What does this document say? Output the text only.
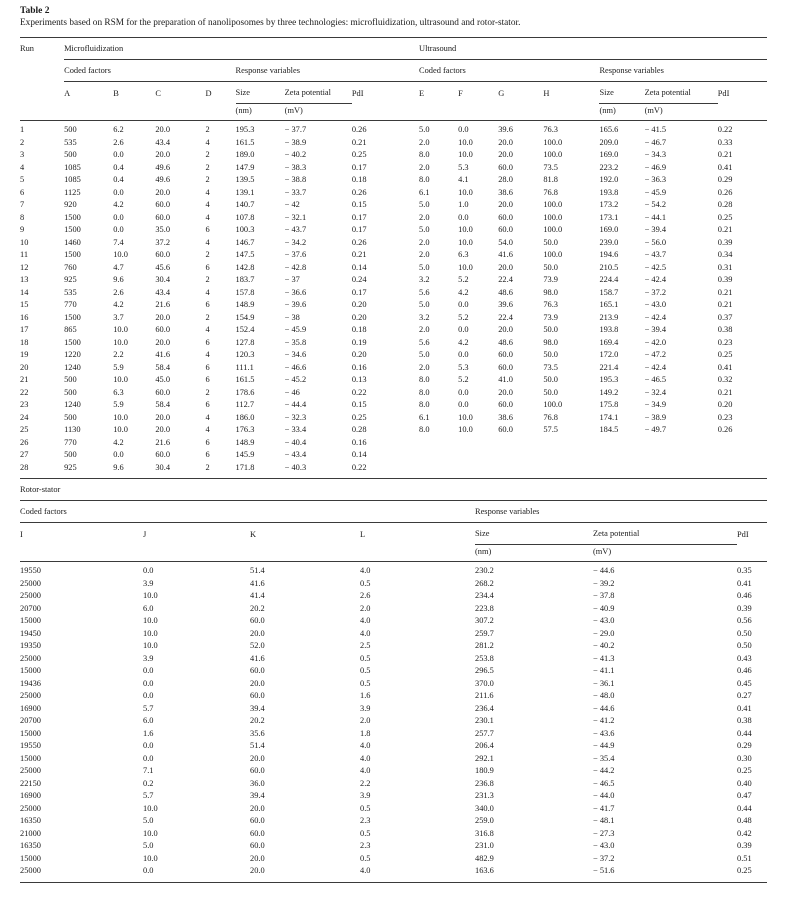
Table 2
Experiments based on RSM for the preparation of nanoliposomes by three technologies: microfluidization, ultrasound and rotor-stator.
Run	Microfluidization							Ultrasound						
	Coded factors				Response variables			Coded factors				Response variables		
	A	B	C	D	Size	Zeta potential	PdI	E	F	G	H	Size	Zeta potential	PdI
					(nm)	(mV)						(nm)	(mV)	
1	500	6.2	20.0	2	195.3	− 37.7	0.26	5.0	0.0	39.6	76.3	165.6	− 41.5	0.22
2	535	2.6	43.4	4	161.5	− 38.9	0.21	2.0	10.0	20.0	100.0	209.0	− 46.7	0.33
3	500	0.0	20.0	2	189.0	− 40.2	0.25	8.0	10.0	20.0	100.0	169.0	− 34.3	0.21
4	1085	0.4	49.6	2	147.9	− 38.3	0.17	2.0	5.3	60.0	73.5	223.2	− 46.9	0.41
5	1085	0.4	49.6	2	139.5	− 38.8	0.18	8.0	4.1	28.0	81.8	192.0	− 36.3	0.29
6	1125	0.0	20.0	4	139.1	− 33.7	0.26	6.1	10.0	38.6	76.8	193.8	− 45.9	0.26
7	920	4.2	60.0	4	140.7	− 42	0.15	5.0	1.0	20.0	100.0	173.2	− 54.2	0.28
8	1500	0.0	60.0	4	107.8	− 32.1	0.17	2.0	0.0	60.0	100.0	173.1	− 44.1	0.25
9	1500	0.0	35.0	6	100.3	− 43.7	0.17	5.0	10.0	60.0	100.0	169.0	− 39.4	0.21
10	1460	7.4	37.2	4	146.7	− 34.2	0.26	2.0	10.0	54.0	50.0	239.0	− 56.0	0.39
11	1500	10.0	60.0	2	147.5	− 37.6	0.21	2.0	6.3	41.6	100.0	194.6	− 43.7	0.34
12	760	4.7	45.6	6	142.8	− 42.8	0.14	5.0	10.0	20.0	50.0	210.5	− 42.5	0.31
13	925	9.6	30.4	2	183.7	− 37	0.24	3.2	5.2	22.4	73.9	224.4	− 42.4	0.39
14	535	2.6	43.4	4	157.8	− 36.6	0.17	5.6	4.2	48.6	98.0	158.7	− 37.2	0.21
15	770	4.2	21.6	6	148.9	− 39.6	0.20	5.0	0.0	39.6	76.3	165.1	− 43.0	0.21
16	1500	3.7	20.0	2	154.9	− 38	0.20	3.2	5.2	22.4	73.9	213.9	− 42.4	0.37
17	865	10.0	60.0	4	152.4	− 45.9	0.18	2.0	0.0	20.0	50.0	193.8	− 39.4	0.38
18	1500	10.0	20.0	6	127.8	− 35.8	0.19	5.6	4.2	48.6	98.0	169.4	− 42.0	0.23
19	1220	2.2	41.6	4	120.3	− 34.6	0.20	5.0	0.0	60.0	50.0	172.0	− 47.2	0.25
20	1240	5.9	58.4	6	111.1	− 46.6	0.16	2.0	5.3	60.0	73.5	221.4	− 42.4	0.41
21	500	10.0	45.0	6	161.5	− 45.2	0.13	8.0	5.2	41.0	50.0	195.3	− 46.5	0.32
22	500	6.3	60.0	2	178.6	− 46	0.22	8.0	0.0	20.0	50.0	149.2	− 32.4	0.21
23	1240	5.9	58.4	6	112.7	− 44.4	0.15	8.0	0.0	60.0	100.0	175.8	− 34.9	0.20
24	500	10.0	20.0	4	186.0	− 32.3	0.25	6.1	10.0	38.6	76.8	174.1	− 38.9	0.23
25	1130	10.0	20.0	4	176.3	− 33.4	0.28	8.0	10.0	60.0	57.5	184.5	− 49.7	0.26
26	770	4.2	21.6	6	148.9	− 40.4	0.16							
27	500	0.0	60.0	6	145.9	− 43.4	0.14							
28	925	9.6	30.4	2	171.8	− 40.3	0.22							
Rotor-stator
Coded factors				Response variables		
I	J	K	L	Size	Zeta potential	PdI
				(nm)	(mV)	
19550	0.0	51.4	4.0	230.2	− 44.6	0.35
25000	3.9	41.6	0.5	268.2	− 39.2	0.41
25000	10.0	41.4	2.6	234.4	− 37.8	0.46
20700	6.0	20.2	2.0	223.8	− 40.9	0.39
15000	10.0	60.0	4.0	307.2	− 43.0	0.56
19450	10.0	20.0	4.0	259.7	− 29.0	0.50
19350	10.0	52.0	2.5	281.2	− 40.2	0.50
25000	3.9	41.6	0.5	253.8	− 41.3	0.43
15000	0.0	60.0	0.5	296.5	− 41.1	0.46
19436	0.0	20.0	0.5	370.0	− 36.1	0.45
25000	0.0	60.0	1.6	211.6	− 48.0	0.27
16900	5.7	39.4	3.9	236.4	− 44.6	0.41
20700	6.0	20.2	2.0	230.1	− 41.2	0.38
15000	1.6	35.6	1.8	257.7	− 43.6	0.44
19550	0.0	51.4	4.0	206.4	− 44.9	0.29
15000	0.0	20.0	4.0	292.1	− 35.4	0.30
25000	7.1	60.0	4.0	180.9	− 44.2	0.25
22150	0.2	36.0	2.2	236.8	− 46.5	0.40
16900	5.7	39.4	3.9	231.3	− 44.0	0.47
25000	10.0	20.0	0.5	340.0	− 41.7	0.44
16350	5.0	60.0	2.3	259.0	− 48.1	0.48
21000	10.0	60.0	0.5	316.8	− 27.3	0.42
16350	5.0	60.0	2.3	231.0	− 43.0	0.39
15000	10.0	20.0	0.5	482.9	− 37.2	0.51
25000	0.0	20.0	4.0	163.6	− 51.6	0.25
